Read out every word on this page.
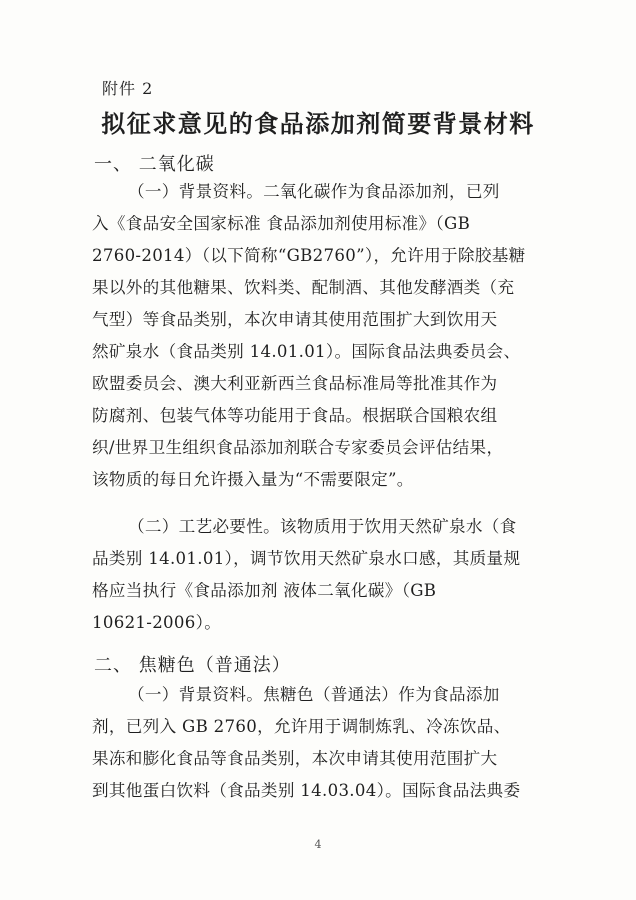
附件 2
拟征求意见的食品添加剂简要背景材料
一、 二氧化碳
（一）背景资料。二氧化碳作为食品添加剂，已列
入《食品安全国家标准 食品添加剂使用标准》（GB
2760-2014）（以下简称“GB2760”），允许用于除胶基糖
果以外的其他糖果、饮料类、配制酒、其他发酵酒类（充
气型）等食品类别，本次申请其使用范围扩大到饮用天
然矿泉水（食品类别 14.01.01）。国际食品法典委员会、
欧盟委员会、澳大利亚新西兰食品标准局等批准其作为
防腐剂、包装气体等功能用于食品。根据联合国粮农组
织/世界卫生组织食品添加剂联合专家委员会评估结果，
该物质的每日允许摄入量为“不需要限定”。
（二）工艺必要性。该物质用于饮用天然矿泉水（食
品类别 14.01.01），调节饮用天然矿泉水口感，其质量规
格应当执行《食品添加剂 液体二氧化碳》（GB
10621-2006）。
二、 焦糖色（普通法）
（一）背景资料。焦糖色（普通法）作为食品添加
剂，已列入 GB 2760，允许用于调制炼乳、冷冻饮品、
果冻和膨化食品等食品类别，本次申请其使用范围扩大
到其他蛋白饮料（食品类别 14.03.04）。国际食品法典委
4
